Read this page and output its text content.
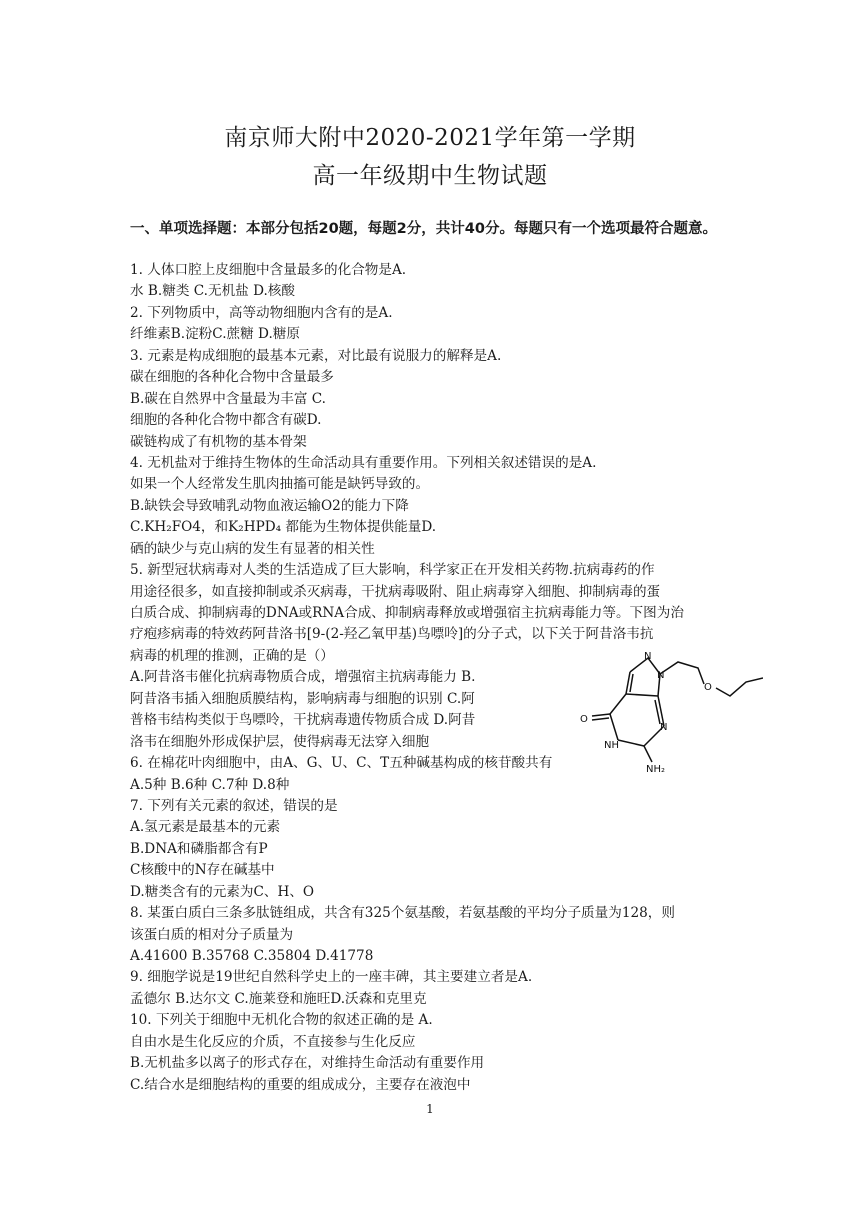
南京师大附中2020-2021学年第一学期
高一年级期中生物试题
一、单项选择题：本部分包括20题，每题2分，共计40分。每题只有一个选项最符合题意。
1. 人体口腔上皮细胞中含量最多的化合物是A.
水 B.糖类 C.无机盐 D.核酸
2. 下列物质中，高等动物细胞内含有的是A.
纤维素B.淀粉C.蔗糖 D.糖原
3. 元素是构成细胞的最基本元素，对比最有说服力的解释是A.
碳在细胞的各种化合物中含量最多
B.碳在自然界中含量最为丰富 C.
细胞的各种化合物中都含有碳D.
碳链构成了有机物的基本骨架
4. 无机盐对于维持生物体的生命活动具有重要作用。下列相关叙述错误的是A.
如果一个人经常发生肌肉抽搐可能是缺钙导致的。
B.缺铁会导致哺乳动物血液运输O2的能力下降
C.KH₂FO4，和K₂HPD₄ 都能为生物体提供能量D.
硒的缺少与克山病的发生有显著的相关性
5. 新型冠状病毒对人类的生活造成了巨大影响，科学家正在开发相关药物.抗病毒药的作
用途径很多，如直接抑制或杀灭病毒，干扰病毒吸附、阻止病毒穿入细胞、抑制病毒的蛋
白质合成、抑制病毒的DNA或RNA合成、抑制病毒释放或增强宿主抗病毒能力等。下图为治
疗疱疹病毒的特效药阿昔洛书[9-(2-羟乙氧甲基)鸟嘌呤]的分子式，以下关于阿昔洛韦抗
病毒的机理的推测，正确的是（）
A.阿昔洛韦催化抗病毒物质合成，增强宿主抗病毒能力 B.
阿昔洛韦插入细胞质膜结构，影响病毒与细胞的识别 C.阿
普格韦结构类似于鸟嘌呤，干扰病毒遗传物质合成 D.阿昔
洛韦在细胞外形成保护层，使得病毒无法穿入细胞
6. 在棉花叶肉细胞中，由A、G、U、C、T五种碱基构成的核苷酸共有
A.5种 B.6种 C.7种 D.8种
7. 下列有关元素的叙述，错误的是
A.氢元素是最基本的元素
B.DNA和磷脂都含有P
C核酸中的N存在碱基中
D.糖类含有的元素为C、H、O
8. 某蛋白质白三条多肽链组成，共含有325个氨基酸，若氨基酸的平均分子质量为128，则
该蛋白质的相对分子质量为
A.41600 B.35768 C.35804 D.41778
9. 细胞学说是19世纪自然科学史上的一座丰碑，其主要建立者是A.
孟德尔 B.达尔文 C.施莱登和施旺D.沃森和克里克
10. 下列关于细胞中无机化合物的叙述正确的是 A.
自由水是生化反应的介质，不直接参与生化反应
B.无机盐多以离子的形式存在，对维持生命活动有重要作用
C.结合水是细胞结构的重要的组成成分，主要存在液泡中
N
N
N
NH
O
O
NH₂
1
